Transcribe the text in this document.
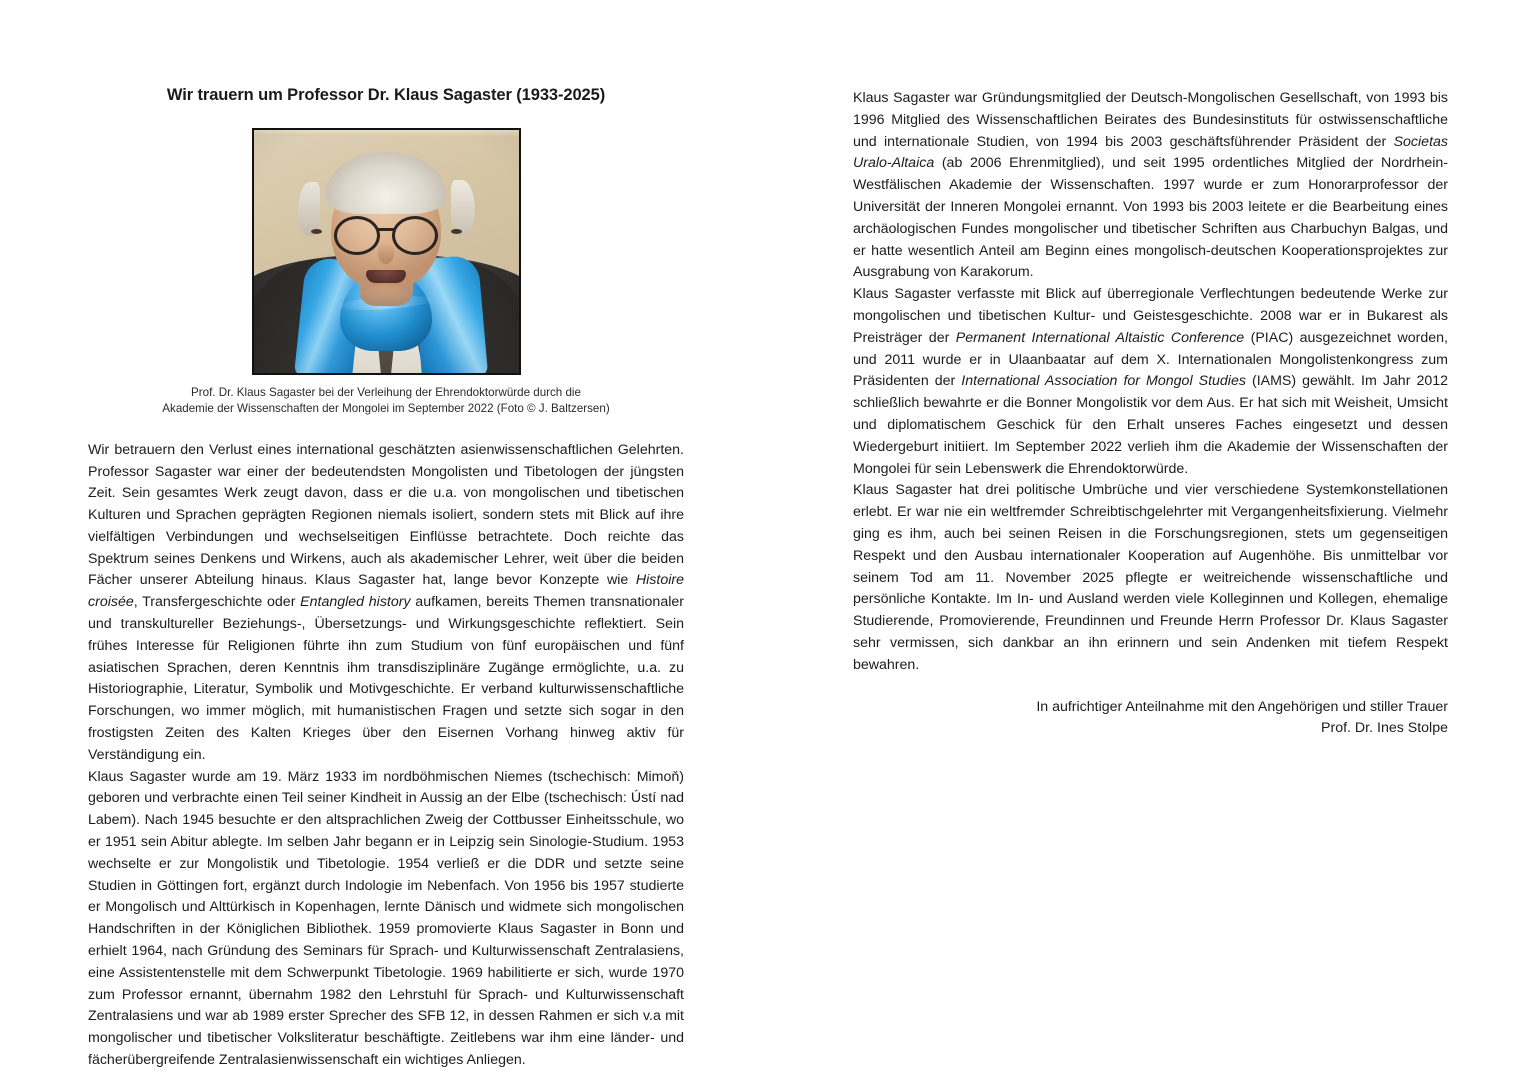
Wir trauern um Professor Dr. Klaus Sagaster (1933-2025)
Prof. Dr. Klaus Sagaster bei der Verleihung der Ehrendoktorwürde durch die
Akademie der Wissenschaften der Mongolei im September 2022 (Foto © J. Baltzersen)

Wir betrauern den Verlust eines international geschätzten asienwissenschaftlichen Gelehrten. Professor Sagaster war einer der bedeutendsten Mongolisten und Tibetologen der jüngsten Zeit. Sein gesamtes Werk zeugt davon, dass er die u.a. von mongolischen und tibetischen Kulturen und Sprachen geprägten Regionen niemals isoliert, sondern stets mit Blick auf ihre vielfältigen Verbindungen und wechselseitigen Einflüsse betrachtete. Doch reichte das Spektrum seines Denkens und Wirkens, auch als akademischer Lehrer, weit über die beiden Fächer unserer Abteilung hinaus. Klaus Sagaster hat, lange bevor Konzepte wie Histoire croisée, Transfergeschichte oder Entangled history aufkamen, bereits Themen transnationaler und transkultureller Beziehungs-, Übersetzungs- und Wirkungsgeschichte reflektiert. Sein frühes Interesse für Religionen führte ihn zum Studium von fünf europäischen und fünf asiatischen Sprachen, deren Kenntnis ihm transdisziplinäre Zugänge ermöglichte, u.a. zu Historiographie, Literatur, Symbolik und Motivgeschichte. Er verband kulturwissenschaftliche Forschungen, wo immer möglich, mit humanistischen Fragen und setzte sich sogar in den frostigsten Zeiten des Kalten Krieges über den Eisernen Vorhang hinweg aktiv für Verständigung ein.

Klaus Sagaster wurde am 19. März 1933 im nordböhmischen Niemes (tschechisch: Mimoň) geboren und verbrachte einen Teil seiner Kindheit in Aussig an der Elbe (tschechisch: Ústí nad Labem). Nach 1945 besuchte er den altsprachlichen Zweig der Cottbusser Einheitsschule, wo er 1951 sein Abitur ablegte. Im selben Jahr begann er in Leipzig sein Sinologie-Studium. 1953 wechselte er zur Mongolistik und Tibetologie. 1954 verließ er die DDR und setzte seine Studien in Göttingen fort, ergänzt durch Indologie im Nebenfach. Von 1956 bis 1957 studierte er Mongolisch und Alttürkisch in Kopenhagen, lernte Dänisch und widmete sich mongolischen Handschriften in der Königlichen Bibliothek. 1959 promovierte Klaus Sagaster in Bonn und erhielt 1964, nach Gründung des Seminars für Sprach- und Kulturwissenschaft Zentralasiens, eine Assistentenstelle mit dem Schwerpunkt Tibetologie. 1969 habilitierte er sich, wurde 1970 zum Professor ernannt, übernahm 1982 den Lehrstuhl für Sprach- und Kulturwissenschaft Zentralasiens und war ab 1989 erster Sprecher des SFB 12, in dessen Rahmen er sich v.a mit mongolischer und tibetischer Volksliteratur beschäftigte. Zeitlebens war ihm eine länder- und fächerübergreifende Zentralasienwissenschaft ein wichtiges Anliegen.

Klaus Sagaster war Gründungsmitglied der Deutsch-Mongolischen Gesellschaft, von 1993 bis 1996 Mitglied des Wissenschaftlichen Beirates des Bundesinstituts für ostwissenschaftliche und internationale Studien, von 1994 bis 2003 geschäftsführender Präsident der Societas Uralo-Altaica (ab 2006 Ehrenmitglied), und seit 1995 ordentliches Mitglied der Nordrhein-Westfälischen Akademie der Wissenschaften. 1997 wurde er zum Honorarprofessor der Universität der Inneren Mongolei ernannt. Von 1993 bis 2003 leitete er die Bearbeitung eines archäologischen Fundes mongolischer und tibetischer Schriften aus Charbuchyn Balgas, und er hatte wesentlich Anteil am Beginn eines mongolisch-deutschen Kooperationsprojektes zur Ausgrabung von Karakorum.

Klaus Sagaster verfasste mit Blick auf überregionale Verflechtungen bedeutende Werke zur mongolischen und tibetischen Kultur- und Geistesgeschichte. 2008 war er in Bukarest als Preisträger der Permanent International Altaistic Conference (PIAC) ausgezeichnet worden, und 2011 wurde er in Ulaanbaatar auf dem X. Internationalen Mongolistenkongress zum Präsidenten der International Association for Mongol Studies (IAMS) gewählt. Im Jahr 2012 schließlich bewahrte er die Bonner Mongolistik vor dem Aus. Er hat sich mit Weisheit, Umsicht und diplomatischem Geschick für den Erhalt unseres Faches eingesetzt und dessen Wiedergeburt initiiert. Im September 2022 verlieh ihm die Akademie der Wissenschaften der Mongolei für sein Lebenswerk die Ehrendoktorwürde.

Klaus Sagaster hat drei politische Umbrüche und vier verschiedene Systemkonstellationen erlebt. Er war nie ein weltfremder Schreibtischgelehrter mit Vergangenheitsfixierung. Vielmehr ging es ihm, auch bei seinen Reisen in die Forschungsregionen, stets um gegenseitigen Respekt und den Ausbau internationaler Kooperation auf Augenhöhe. Bis unmittelbar vor seinem Tod am 11. November 2025 pflegte er weitreichende wissenschaftliche und persönliche Kontakte. Im In- und Ausland werden viele Kolleginnen und Kollegen, ehemalige Studierende, Promovierende, Freundinnen und Freunde Herrn Professor Dr. Klaus Sagaster sehr vermissen, sich dankbar an ihn erinnern und sein Andenken mit tiefem Respekt bewahren.

In aufrichtiger Anteilnahme mit den Angehörigen und stiller Trauer
Prof. Dr. Ines Stolpe
